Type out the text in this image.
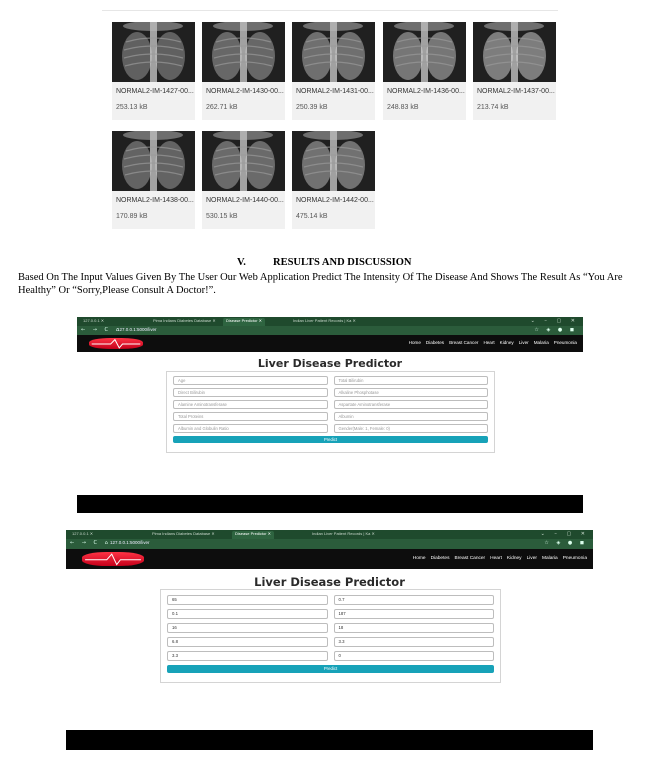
NORMAL2-IM-1427-00...
253.13 kB
NORMAL2-IM-1430-00...
262.71 kB
NORMAL2-IM-1431-00...
250.39 kB
NORMAL2-IM-1436-00...
248.83 kB
NORMAL2-IM-1437-00...
213.74 kB
NORMAL2-IM-1438-00...
170.89 kB
NORMAL2-IM-1440-00...
530.15 kB
NORMAL2-IM-1442-00...
475.14 kB
V.	RESULTS AND DISCUSSION
Based On The Input Values Given By The User Our Web Application Predict The Intensity Of The Disease And Shows The Result As “You Are Healthy” Or “Sorry,Please Consult A Doctor!”.
127.0.0.1 ✕	Pima Indians Diabetes Database ✕	Disease Predictor ✕	Indian Liver Patient Records | Ka ✕	⌄ – ▢ ✕
← → C ⌂
127.0.0.1:5000/liver	☆ ◈ ● ◼
Home Diabetes Breast Cancer Heart Kidney Liver Malaria Pneumonia
Liver Disease Predictor
Age	Total Bilirubin
Direct Bilirubin	Alkaline Phosphotase
Alamine Aminotransferase	Aspartate Aminotransferase
Total Proteins	Albumin
Albumin and Globulin Ratio	Gender(Male: 1, Female: 0)
Predict
127.0.0.1 ✕	Pima Indians Diabetes Database ✕	Disease Predictor ✕	Indian Liver Patient Records | Ka ✕	⌄ – ▢ ✕
← → C ⌂ 127.0.0.1:5000/liver	☆ ◈ ● ◼
Home Diabetes Breast Cancer Heart Kidney Liver Malaria Pneumonia
Liver Disease Predictor
65	0.7
0.1	187
16	18
6.8	3.3
3.3	0
Predict
